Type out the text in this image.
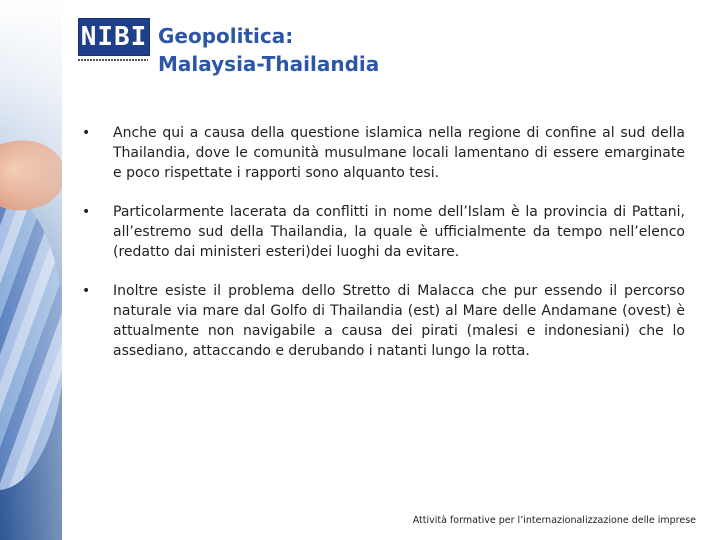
NIBI Geopolitica:
Malaysia-Thailandia
• Anche qui a causa della questione islamica nella regione di confine al sud della Thailandia, dove le comunità musulmane locali lamentano di essere emarginate e poco rispettate i rapporti sono alquanto tesi.
• Particolarmente lacerata da conflitti in nome dell’Islam è la provincia di Pattani, all’estremo sud della Thailandia, la quale è ufficialmente da tempo nell’elenco (redatto dai ministeri esteri)dei luoghi da evitare.
• Inoltre esiste il problema dello Stretto di Malacca che pur essendo il percorso naturale via mare dal Golfo di Thailandia (est) al Mare delle Andamane (ovest) è attualmente non navigabile a causa dei pirati (malesi e indonesiani) che lo assediano, attaccando e derubando i natanti lungo la rotta.
Attività formative per l’internazionalizzazione delle imprese
